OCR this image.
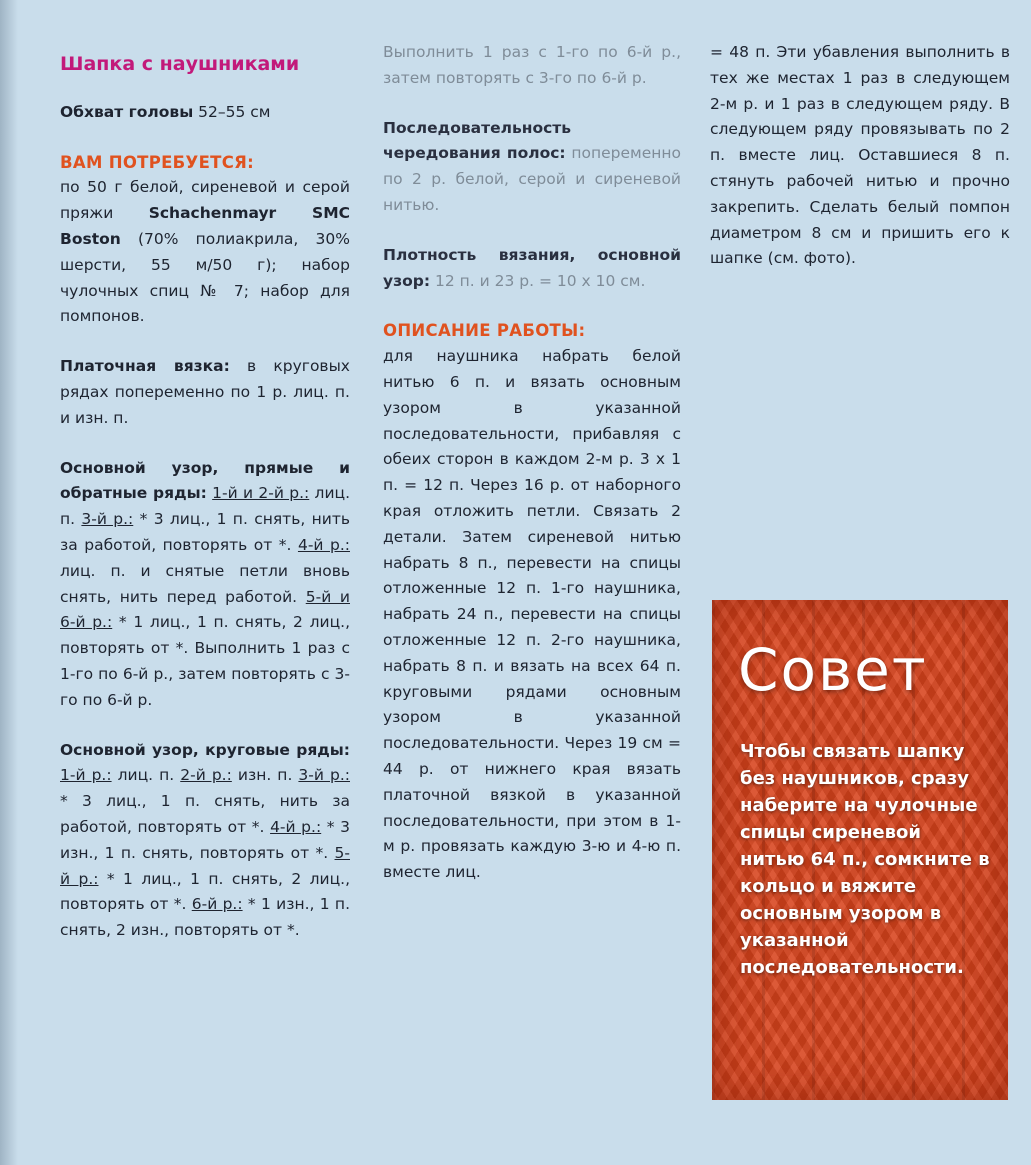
Шапка с наушниками
Обхват головы 52–55 см
ВАМ ПОТРЕБУЕТСЯ:
по 50 г белой, сиреневой и серой пряжи Schachenmayr SMC Boston (70% полиакрила, 30% шерсти, 55 м/50 г); набор чулочных спиц № 7; набор для помпонов.
Платочная вязка: в круговых рядах попеременно по 1 р. лиц. п. и изн. п.
Основной узор, прямые и обратные ряды: 1-й и 2-й р.: лиц. п. 3-й р.: * 3 лиц., 1 п. снять, нить за работой, повторять от *. 4-й р.: лиц. п. и снятые петли вновь снять, нить перед работой. 5-й и 6-й р.: * 1 лиц., 1 п. снять, 2 лиц., повторять от *. Выполнить 1 раз с 1-го по 6-й р., затем повторять с 3-го по 6-й р.
Основной узор, круговые ряды: 1-й р.: лиц. п. 2-й р.: изн. п. 3-й р.: * 3 лиц., 1 п. снять, нить за работой, повторять от *. 4-й р.: * 3 изн., 1 п. снять, повторять от *. 5-й р.: * 1 лиц., 1 п. снять, 2 лиц., повторять от *. 6-й р.: * 1 изн., 1 п. снять, 2 изн., повторять от *.
Выполнить 1 раз с 1-го по 6-й р., затем повторять с 3-го по 6-й р.
Последовательность чередования полос: попеременно по 2 р. белой, серой и сиреневой нитью.
Плотность вязания, основной узор: 12 п. и 23 р. = 10 x 10 см.
ОПИСАНИЕ РАБОТЫ:
для наушника набрать белой нитью 6 п. и вязать основным узором в указанной последовательности, прибавляя с обеих сторон в каждом 2-м р. 3 x 1 п. = 12 п. Через 16 р. от наборного края отложить петли. Связать 2 детали. Затем сиреневой нитью набрать 8 п., перевести на спицы отложенные 12 п. 1-го наушника, набрать 24 п., перевести на спицы отложенные 12 п. 2-го наушника, набрать 8 п. и вязать на всех 64 п. круговыми рядами основным узором в указанной последовательности. Через 19 см = 44 р. от нижнего края вязать платочной вязкой в указанной последовательности, при этом в 1-м р. провязать каждую 3-ю и 4-ю п. вместе лиц.
= 48 п. Эти убавления выполнить в тех же местах 1 раз в следующем 2-м р. и 1 раз в следующем ряду. В следующем ряду провязывать по 2 п. вместе лиц. Оставшиеся 8 п. стянуть рабочей нитью и прочно закрепить. Сделать белый помпон диаметром 8 см и пришить его к шапке (см. фото).
Совет
Чтобы связать шапку без наушников, сразу наберите на чулочные спицы сиреневой нитью 64 п., сомкните в кольцо и вяжите основным узором в указанной последовательности.
